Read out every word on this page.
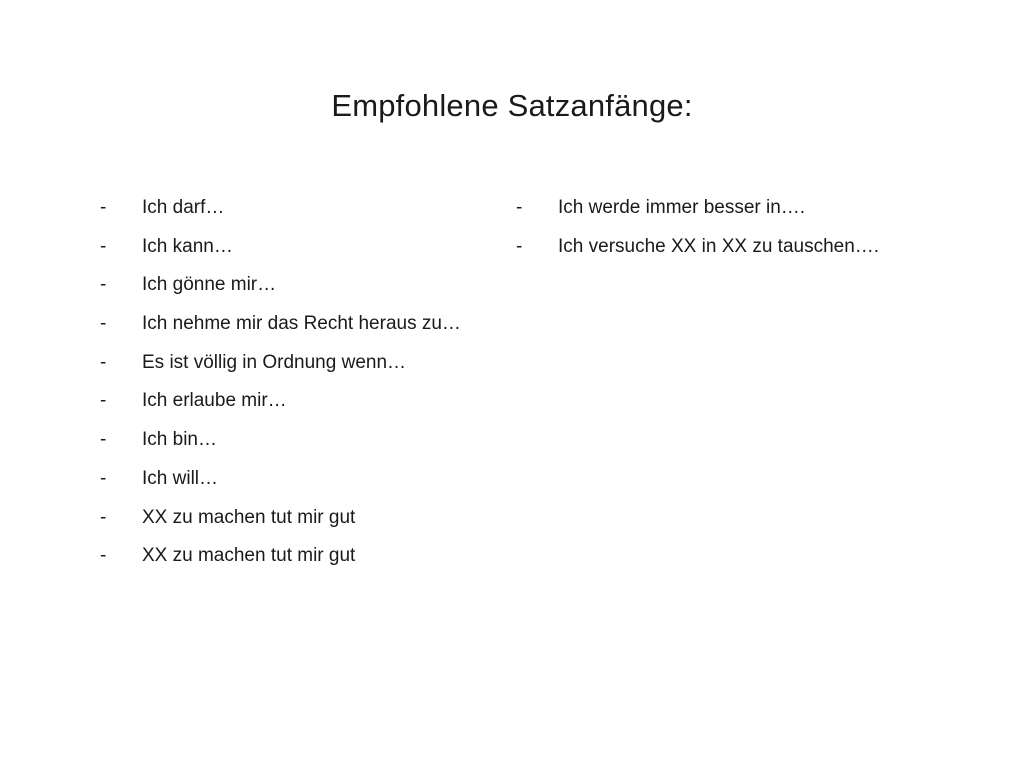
Empfohlene Satzanfänge:
- Ich darf…
- Ich kann…
- Ich gönne mir…
- Ich nehme mir das Recht heraus zu…
- Es ist völlig in Ordnung wenn…
- Ich erlaube mir…
- Ich bin…
- Ich will…
- XX zu machen tut mir gut
- XX zu machen tut mir gut
- Ich werde immer besser in….
- Ich versuche XX in XX zu tauschen….
